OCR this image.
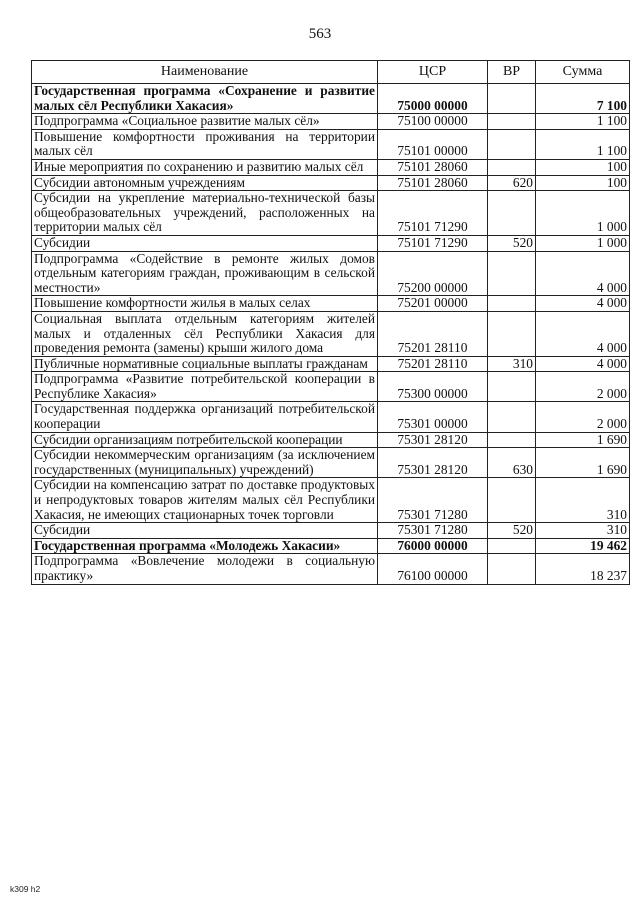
563
Наименование	ЦСР	ВР	Сумма
Государственная программа «Сохранение и развитие малых сёл Республики Хакасия»	75000 00000		7 100
Подпрограмма «Социальное развитие малых сёл»	75100 00000		1 100
Повышение комфортности проживания на территории малых сёл	75101 00000		1 100
Иные мероприятия по сохранению и развитию малых сёл	75101 28060		100
Субсидии автономным учреждениям	75101 28060	620	100
Субсидии на укрепление материально-технической базы общеобразовательных учреждений, расположенных на территории малых сёл	75101 71290		1 000
Субсидии	75101 71290	520	1 000
Подпрограмма «Содействие в ремонте жилых домов отдельным категориям граждан, проживающим в сельской местности»	75200 00000		4 000
Повышение комфортности жилья в малых селах	75201 00000		4 000
Социальная выплата отдельным категориям жителей малых и отдаленных сёл Республики Хакасия для проведения ремонта (замены) крыши жилого дома	75201 28110		4 000
Публичные нормативные социальные выплаты гражданам	75201 28110	310	4 000
Подпрограмма «Развитие потребительской кооперации в Республике Хакасия»	75300 00000		2 000
Государственная поддержка организаций потребительской кооперации	75301 00000		2 000
Субсидии организациям потребительской кооперации	75301 28120		1 690
Субсидии некоммерческим организациям (за исключением государственных (муниципальных) учреждений)	75301 28120	630	1 690
Субсидии на компенсацию затрат по доставке продуктовых и непродуктовых товаров жителям малых сёл Республики Хакасия, не имеющих стационарных точек торговли	75301 71280		310
Субсидии	75301 71280	520	310
Государственная программа «Молодежь Хакасии»	76000 00000		19 462
Подпрограмма «Вовлечение молодежи в социальную практику»	76100 00000		18 237
k309 h2
